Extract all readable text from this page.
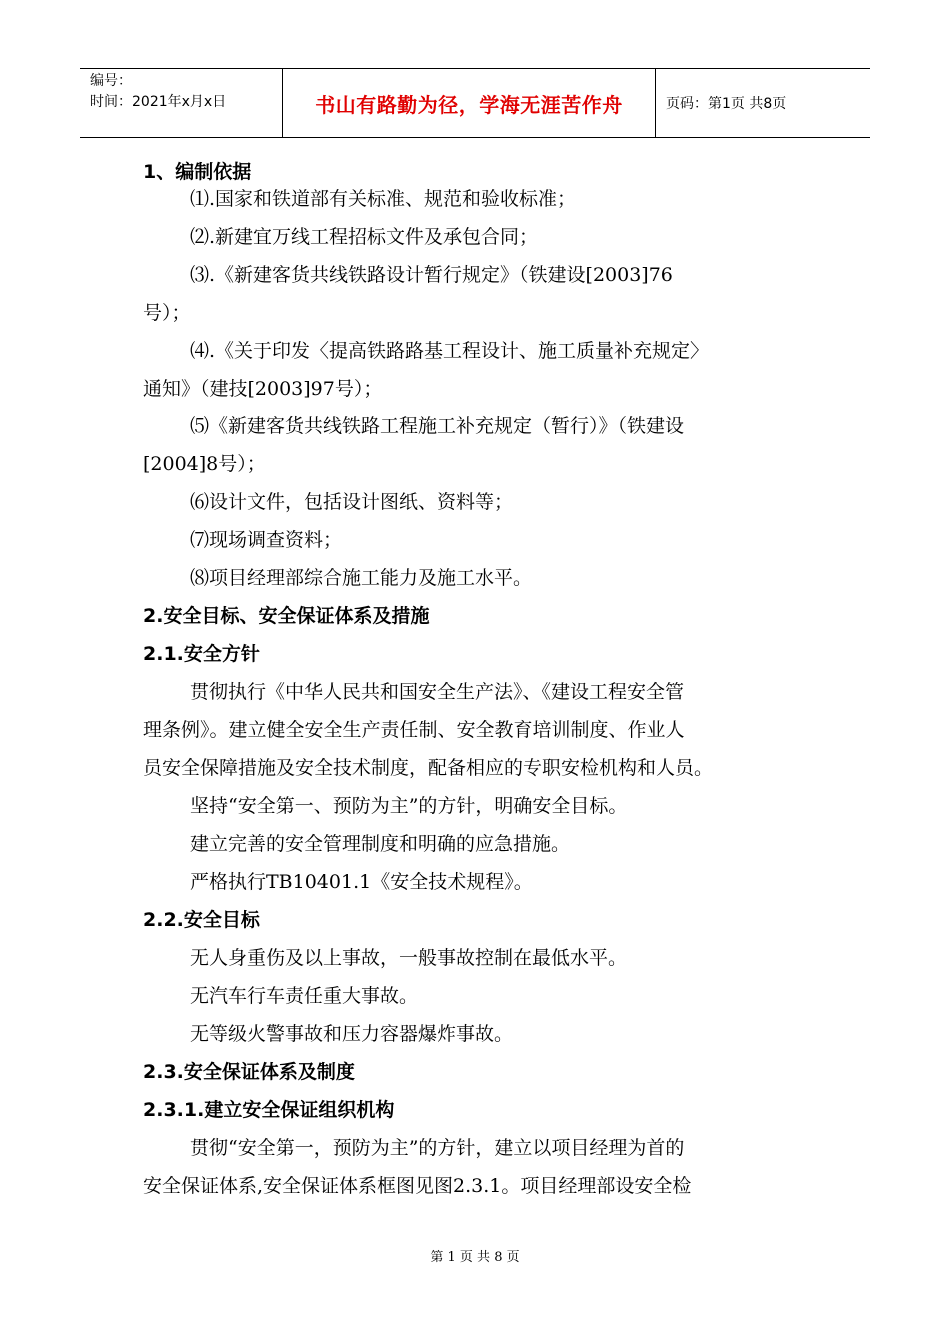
编号：
时间：2021年x月x日	书山有路勤为径，学海无涯苦作舟	页码：第1页 共8页
1、编制依据
⑴.国家和铁道部有关标准、规范和验收标准；
⑵.新建宜万线工程招标文件及承包合同；
⑶.《新建客货共线铁路设计暂行规定》（铁建设[2003]76
号）；
⑷.《关于印发〈提高铁路路基工程设计、施工质量补充规定〉
通知》（建技[2003]97号）；
⑸《新建客货共线铁路工程施工补充规定（暂行）》（铁建设
[2004]8号）；
⑹设计文件，包括设计图纸、资料等；
⑺现场调查资料；
⑻项目经理部综合施工能力及施工水平。
2.安全目标、安全保证体系及措施
2.1.安全方针
贯彻执行《中华人民共和国安全生产法》、《建设工程安全管
理条例》。建立健全安全生产责任制、安全教育培训制度、作业人
员安全保障措施及安全技术制度，配备相应的专职安检机构和人员。
坚持“安全第一、预防为主”的方针，明确安全目标。
建立完善的安全管理制度和明确的应急措施。
严格执行TB10401.1《安全技术规程》。
2.2.安全目标
无人身重伤及以上事故，一般事故控制在最低水平。
无汽车行车责任重大事故。
无等级火警事故和压力容器爆炸事故。
2.3.安全保证体系及制度
2.3.1.建立安全保证组织机构
贯彻“安全第一，预防为主”的方针，建立以项目经理为首的
安全保证体系,安全保证体系框图见图2.3.1。项目经理部设安全检
第 1 页 共 8 页
